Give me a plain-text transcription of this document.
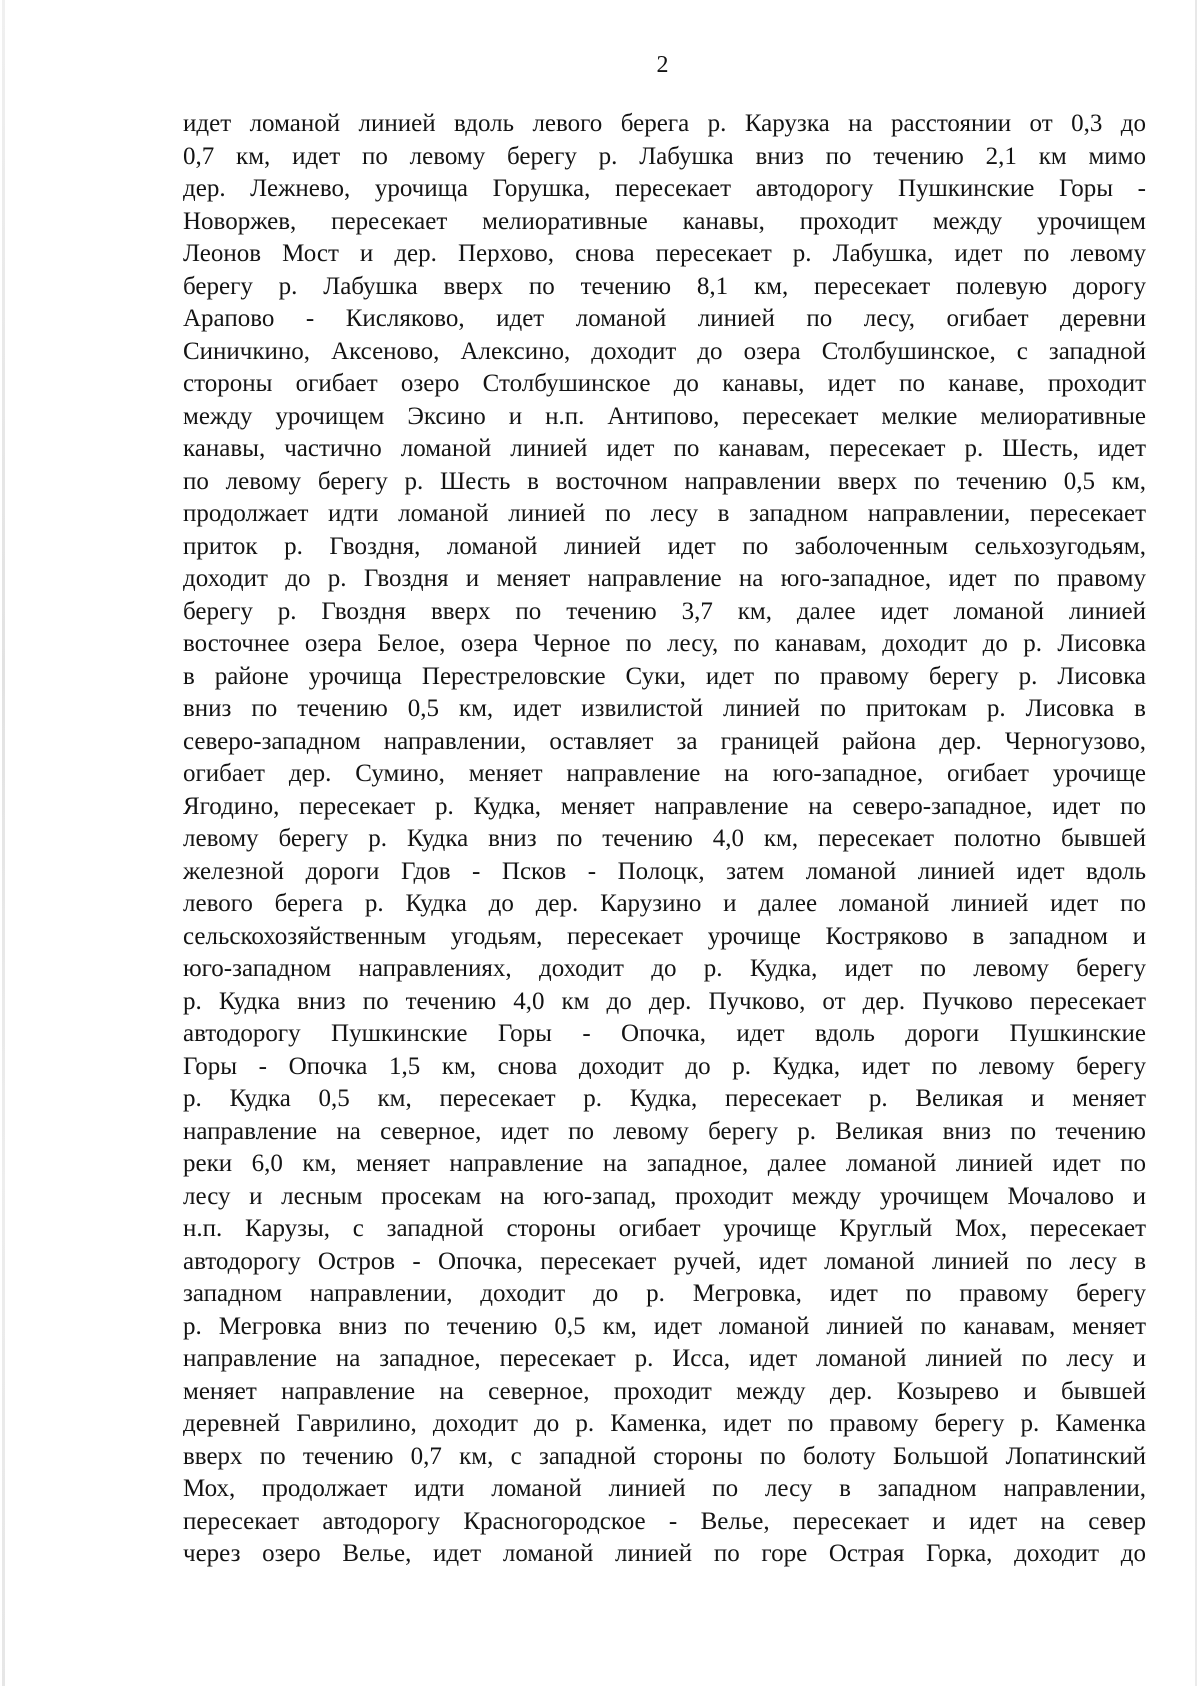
2
идет ломаной линией вдоль левого берега р. Карузка на расстоянии от 0,3 до
0,7 км, идет по левому берегу р. Лабушка вниз по течению 2,1 км мимо
дер. Лежнево, урочища Горушка, пересекает автодорогу Пушкинские Горы -
Новоржев, пересекает мелиоративные канавы, проходит между урочищем
Леонов Мост и дер. Перхово, снова пересекает р. Лабушка, идет по левому
берегу р. Лабушка вверх по течению 8,1 км, пересекает полевую дорогу
Арапово - Кисляково, идет ломаной линией по лесу, огибает деревни
Синичкино, Аксеново, Алексино, доходит до озера Столбушинское, с западной
стороны огибает озеро Столбушинское до канавы, идет по канаве, проходит
между урочищем Эксино и н.п. Антипово, пересекает мелкие мелиоративные
канавы, частично ломаной линией идет по канавам, пересекает р. Шесть, идет
по левому берегу р. Шесть в восточном направлении вверх по течению 0,5 км,
продолжает идти ломаной линией по лесу в западном направлении, пересекает
приток р. Гвоздня, ломаной линией идет по заболоченным сельхозугодьям,
доходит до р. Гвоздня и меняет направление на юго-западное, идет по правому
берегу р. Гвоздня вверх по течению 3,7 км, далее идет ломаной линией
восточнее озера Белое, озера Черное по лесу, по канавам, доходит до р. Лисовка
в районе урочища Перестреловские Суки, идет по правому берегу р. Лисовка
вниз по течению 0,5 км, идет извилистой линией по притокам р. Лисовка в
северо-западном направлении, оставляет за границей района дер. Черногузово,
огибает дер. Сумино, меняет направление на юго-западное, огибает урочище
Ягодино, пересекает р. Кудка, меняет направление на северо-западное, идет по
левому берегу р. Кудка вниз по течению 4,0 км, пересекает полотно бывшей
железной дороги Гдов - Псков - Полоцк, затем ломаной линией идет вдоль
левого берега р. Кудка до дер. Карузино и далее ломаной линией идет по
сельскохозяйственным угодьям, пересекает урочище Костряково в западном и
юго-западном направлениях, доходит до р. Кудка, идет по левому берегу
р. Кудка вниз по течению 4,0 км до дер. Пучково, от дер. Пучково пересекает
автодорогу Пушкинские Горы - Опочка, идет вдоль дороги Пушкинские
Горы - Опочка 1,5 км, снова доходит до р. Кудка, идет по левому берегу
р. Кудка 0,5 км, пересекает р. Кудка, пересекает р. Великая и меняет
направление на северное, идет по левому берегу р. Великая вниз по течению
реки 6,0 км, меняет направление на западное, далее ломаной линией идет по
лесу и лесным просекам на юго-запад, проходит между урочищем Мочалово и
н.п. Карузы, с западной стороны огибает урочище Круглый Мох, пересекает
автодорогу Остров - Опочка, пересекает ручей, идет ломаной линией по лесу в
западном направлении, доходит до р. Мегровка, идет по правому берегу
р. Мегровка вниз по течению 0,5 км, идет ломаной линией по канавам, меняет
направление на западное, пересекает р. Исса, идет ломаной линией по лесу и
меняет направление на северное, проходит между дер. Козырево и бывшей
деревней Гаврилино, доходит до р. Каменка, идет по правому берегу р. Каменка
вверх по течению 0,7 км, с западной стороны по болоту Большой Лопатинский
Мох, продолжает идти ломаной линией по лесу в западном направлении,
пересекает автодорогу Красногородское - Велье, пересекает и идет на север
через озеро Велье, идет ломаной линией по горе Острая Горка, доходит до
